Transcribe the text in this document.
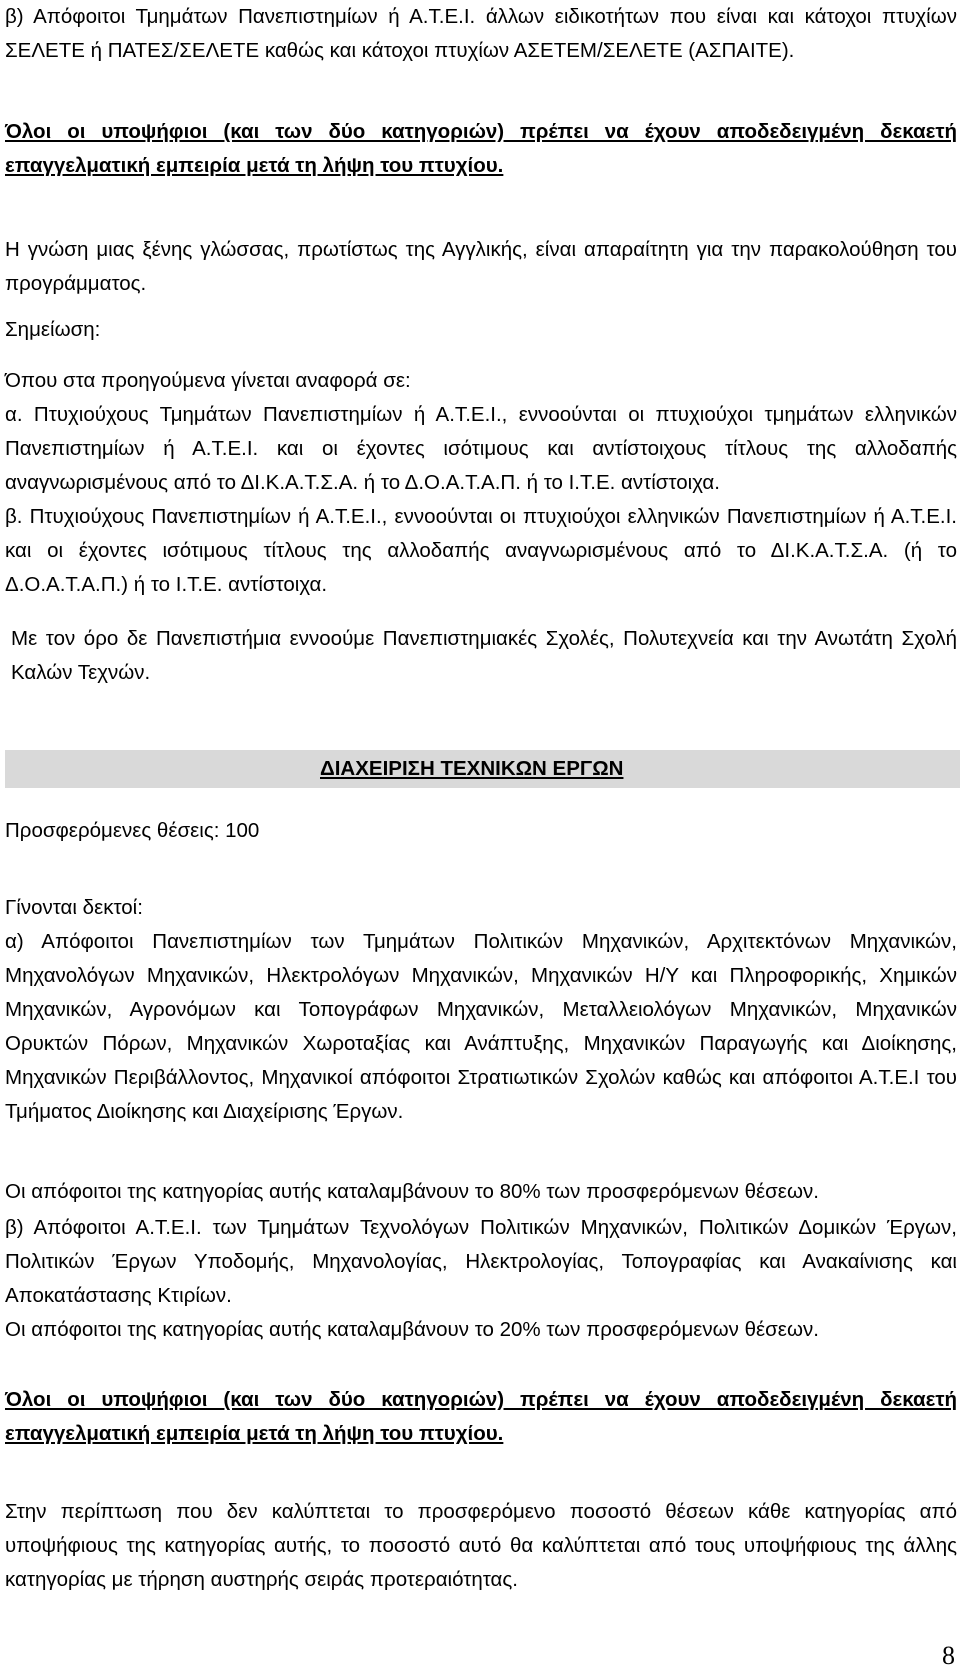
β) Απόφοιτοι Τμημάτων Πανεπιστημίων ή Α.Τ.Ε.Ι. άλλων ειδικοτήτων που είναι και κάτοχοι πτυχίων ΣΕΛΕΤΕ ή ΠΑΤΕΣ/ΣΕΛΕΤΕ καθώς και κάτοχοι πτυχίων ΑΣΕΤΕΜ/ΣΕΛΕΤΕ (ΑΣΠΑΙΤΕ).

Όλοι οι υποψήφιοι (και των δύο κατηγοριών) πρέπει να έχουν αποδεδειγμένη δεκαετή επαγγελματική εμπειρία μετά τη λήψη του πτυχίου.

Η γνώση μιας ξένης γλώσσας, πρωτίστως της Αγγλικής, είναι απαραίτητη για την παρακολούθηση του προγράμματος.

Σημείωση:

Όπου στα προηγούμενα γίνεται αναφορά σε:

α. Πτυχιούχους Τμημάτων Πανεπιστημίων ή Α.Τ.Ε.Ι., εννοούνται οι πτυχιούχοι τμημάτων ελληνικών Πανεπιστημίων ή Α.Τ.Ε.Ι. και οι έχοντες ισότιμους και αντίστοιχους τίτλους της αλλοδαπής αναγνωρισμένους από το ΔΙ.Κ.Α.Τ.Σ.Α. ή το Δ.Ο.Α.Τ.Α.Π. ή το Ι.Τ.Ε. αντίστοιχα.

β. Πτυχιούχους Πανεπιστημίων ή Α.Τ.Ε.Ι., εννοούνται οι πτυχιούχοι ελληνικών Πανεπιστημίων ή Α.Τ.Ε.Ι. και οι έχοντες ισότιμους τίτλους της αλλοδαπής αναγνωρισμένους από το ΔΙ.Κ.Α.Τ.Σ.Α. (ή το Δ.Ο.Α.Τ.Α.Π.) ή το Ι.Τ.Ε. αντίστοιχα.

Με τον όρο δε Πανεπιστήμια εννοούμε Πανεπιστημιακές Σχολές, Πολυτεχνεία και την Ανωτάτη Σχολή Καλών Τεχνών.

ΔΙΑΧΕΙΡΙΣΗ ΤΕΧΝΙΚΩΝ ΕΡΓΩΝ

Προσφερόμενες θέσεις: 100

Γίνονται δεκτοί:

α) Απόφοιτοι Πανεπιστημίων των Τμημάτων Πολιτικών Μηχανικών, Αρχιτεκτόνων Μηχανικών, Μηχανολόγων Μηχανικών, Ηλεκτρολόγων Μηχανικών, Μηχανικών Η/Υ και Πληροφορικής, Χημικών Μηχανικών, Αγρονόμων και Τοπογράφων Μηχανικών, Μεταλλειολόγων Μηχανικών, Μηχανικών Ορυκτών Πόρων, Μηχανικών Χωροταξίας και Ανάπτυξης, Μηχανικών Παραγωγής και Διοίκησης, Μηχανικών Περιβάλλοντος, Μηχανικοί απόφοιτοι Στρατιωτικών Σχολών καθώς και απόφοιτοι Α.Τ.Ε.Ι του Τμήματος Διοίκησης και Διαχείρισης Έργων.

Οι απόφοιτοι της κατηγορίας αυτής καταλαμβάνουν το 80% των προσφερόμενων θέσεων.

β) Απόφοιτοι Α.Τ.Ε.Ι. των Τμημάτων Τεχνολόγων Πολιτικών Μηχανικών, Πολιτικών Δομικών Έργων, Πολιτικών Έργων Υποδομής, Μηχανολογίας, Ηλεκτρολογίας, Τοπογραφίας και Ανακαίνισης και Αποκατάστασης Κτιρίων.

Οι απόφοιτοι της κατηγορίας αυτής καταλαμβάνουν το 20% των προσφερόμενων θέσεων.

Όλοι οι υποψήφιοι (και των δύο κατηγοριών) πρέπει να έχουν αποδεδειγμένη δεκαετή επαγγελματική εμπειρία μετά τη λήψη του πτυχίου.

Στην περίπτωση που δεν καλύπτεται το προσφερόμενο ποσοστό θέσεων κάθε κατηγορίας από υποψήφιους της κατηγορίας αυτής, το ποσοστό αυτό θα καλύπτεται από τους υποψήφιους της άλλης κατηγορίας με τήρηση αυστηρής σειράς προτεραιότητας.

8
